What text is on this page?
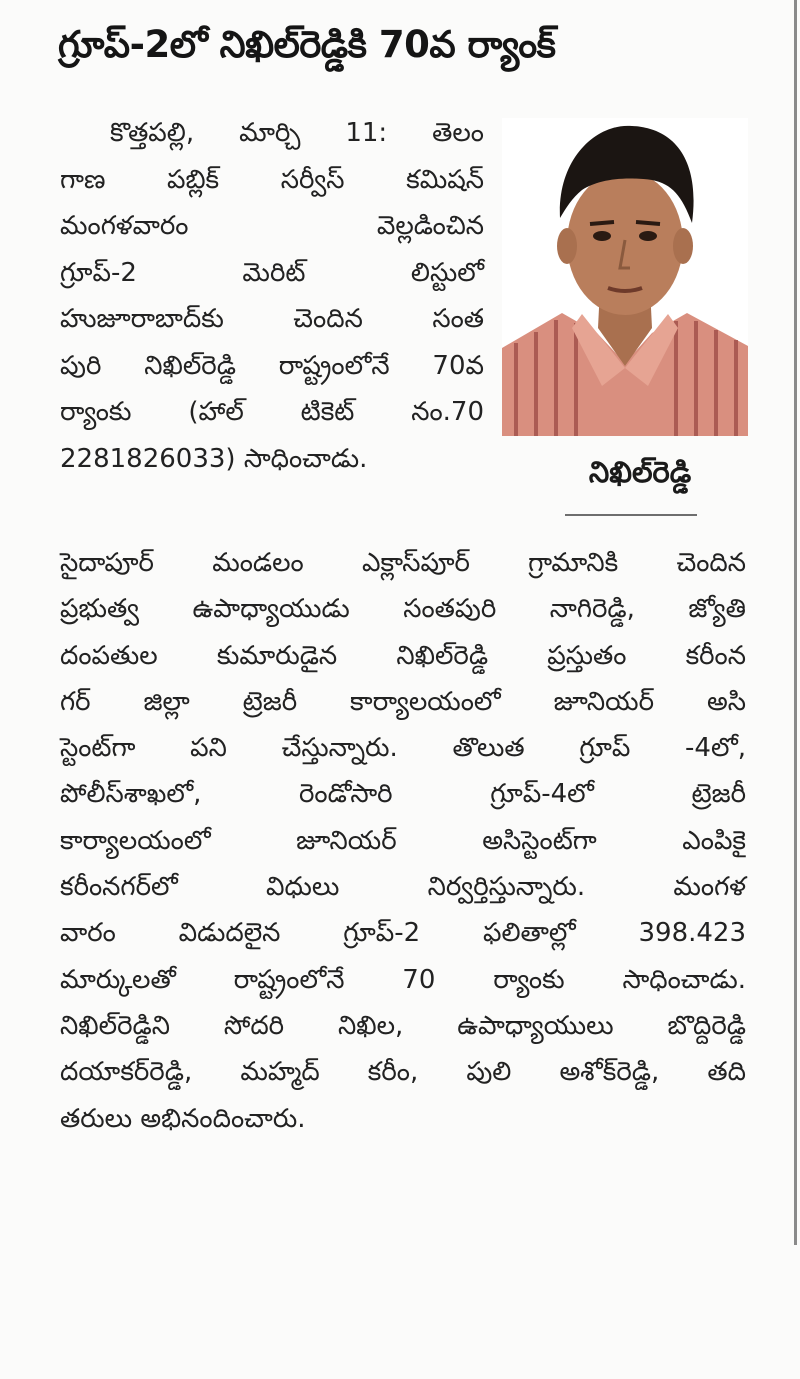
గ్రూప్-2లో నిఖిల్‌రెడ్డికి 70వ ర్యాంక్
కొత్తపల్లి, మార్చి 11: తెలం
గాణ పబ్లిక్ సర్వీస్ కమిషన్
మంగళవారం వెల్లడించిన
గ్రూప్-2 మెరిట్ లిస్టులో
హుజూరాబాద్‌కు చెందిన సంత
పురి నిఖిల్‌రెడ్డి రాష్ట్రంలోనే 70వ
ర్యాంకు (హాల్ టికెట్ నం.70
2281826033) సాధించాడు.	నిఖిల్‌రెడ్డి
సైదాపూర్ మండలం ఎక్లాస్‌పూర్ గ్రామానికి చెందిన
ప్రభుత్వ ఉపాధ్యాయుడు సంతపురి నాగిరెడ్డి, జ్యోతి
దంపతుల కుమారుడైన నిఖిల్‌రెడ్డి ప్రస్తుతం కరీంన
గర్ జిల్లా ట్రెజరీ కార్యాలయంలో జూనియర్ అసి
స్టెంట్‌గా పని చేస్తున్నారు. తొలుత గ్రూప్ -4లో,
పోలీస్‌శాఖలో, రెండోసారి గ్రూప్-4లో ట్రెజరీ
కార్యాలయంలో జూనియర్ అసిస్టెంట్‌గా ఎంపికై
కరీంనగర్‌లో విధులు నిర్వర్తిస్తున్నారు. మంగళ
వారం విడుదలైన గ్రూప్-2 ఫలితాల్లో 398.423
మార్కులతో రాష్ట్రంలోనే 70 ర్యాంకు సాధించాడు.
నిఖిల్‌రెడ్డిని సోదరి నిఖిల, ఉపాధ్యాయులు బొద్దిరెడ్డి
దయాకర్‌రెడ్డి, మహ్మద్ కరీం, పులి అశోక్‌రెడ్డి, తది
తరులు అభినందించారు.
